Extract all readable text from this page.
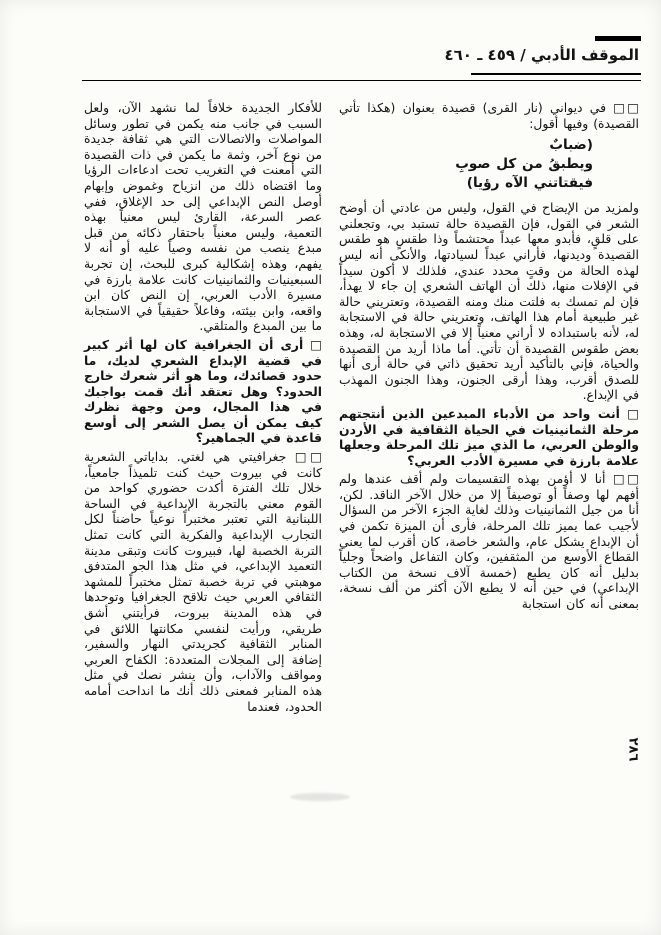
الموقف الأدبي / ٤٥٩ ـ ٤٦٠

□□ في ديواني (نار القرى) قصيدة بعنوان (هكذا تأتي القصيدة) وفيها أقول:

(ضبابٌ

ويطبقُ من كل صوبِ

فيقتاتني الآه رؤيا)

ولمزيد من الإيضاح في القول، وليس من عادتي أن أوضح الشعر في القول، فإن القصيدة حالة تستبد بي، وتجعلني على قلقٍ، فأبدو معها عبداً محتشماً وذا طقسٍ هو طقس القصيدة وديدنها، فأراني عبداً لسيادتها، والأنكى أنه ليس لهذه الحالة من وقتٍ محدد عندي، فلذلك لا أكون سيداً في الإفلات منها، ذلك أن الهاتف الشعري إن جاء لا يهدأ، فإن لم تمسك به فلتت منك ومنه القصيدة، وتعتريني حالة غير طبيعية أمام هذا الهاتف، وتعتريني حالة في الاستجابة له، لأنه باستبداده لا أراني معنياً إلا في الاستجابة له، وهذه بعض طقوس القصيدة أن تأتي. أما ماذا أريد من القصيدة والحياة، فإني بالتأكيد أريد تحقيق ذاتي في حالة أرى أنها للصدق أقرب، وهذا أرقى الجنون، وهذا الجنون المهذب في الإبداع.

□ أنت واحد من الأدباء المبدعين الذين أنتجتهم مرحلة الثمانينيات في الحياة الثقافية في الأردن والوطن العربي، ما الذي ميز تلك المرحلة وجعلها علامة بارزة في مسيرة الأدب العربي؟

□□ أنا لا أؤمن بهذه التقسيمات ولم أقف عندها ولم أفهم لها وصفاً أو توصيفاً إلا من خلال الآخر الناقد. لكن، أنا من جيل الثمانينيات وذلك لغاية الجزء الآخر من السؤال لأجيب عما يميز تلك المرحلة، فأرى أن الميزة تكمن في أن الإبداع يشكل عام، والشعر خاصة، كان أقرب لما يعني القطاع الأوسع من المثقفين، وكان التفاعل واضحاً وجلياً بدليل أنه كان يطبع (خمسة آلاف نسخة من الكتاب الإبداعي) في حين أنه لا يطبع الآن أكثر من ألف نسخة، بمعنى أنه كان استجابة

للأفكار الجديدة خلافاً لما نشهد الآن، ولعل السبب في جانب منه يكمن في تطور وسائل المواصلات والاتصالات التي هي ثقافة جديدة من نوع آخر، وثمة ما يكمن في ذات القصيدة التي أمعنت في التغريب تحت ادعاءات الرؤيا وما اقتضاه ذلك من انزياح وغموض وإبهام أوصل النص الإبداعي إلى حد الإغلاق، ففي عصر السرعة، القارئ ليس معنياً بهذه التعمية، وليس معنياً باحتقار ذكائه من قبل مبدع ينصب من نفسه وصياً عليه أو أنه لا يفهم، وهذه إشكالية كبرى للبحث، إن تجربة السبعينيات والثمانينيات كانت علامة بارزة في مسيرة الأدب العربي، إن النص كان ابن واقعه، وابن بيئته، وفاعلاً حقيقياً في الاستجابة ما بين المبدع والمتلقي.

□ أرى أن الجغرافية كان لها أثر كبير في قضية الإبداع الشعري لديك، ما حدود قصائدك، وما هو أثر شعرك خارج الحدود؟ وهل تعتقد أنك قمت بواجبك في هذا المجال، ومن وجهة نظرك كيف يمكن أن يصل الشعر إلى أوسع قاعدة في الجماهير؟

□□ جغرافيتي هي لغتي. بداياتي الشعرية كانت في بيروت حيث كنت تلميذاً جامعياً، خلال تلك الفترة أكدت حضوري كواحد من القوم معني بالتجربة الإبداعية في الساحة اللبنانية التي تعتبر مختبراً نوعياً حاضناً لكل التجارب الإبداعية والفكرية التي كانت تمثل التربة الخصبة لها، فبيروت كانت وتبقى مدينة التعميد الإبداعي، في مثل هذا الجو المتدفق موهبتي في تربة خصبة تمثل مختبراً للمشهد الثقافي العربي حيث تلاقح الجغرافيا وتوحدها في هذه المدينة بيروت، فرأيتني أشق طريقي، ورأيت لنفسي مكانتها اللائق في المنابر الثقافية كجريدتي النهار والسفير، إضافة إلى المجلات المتعددة: الكفاح العربي ومواقف والآداب، وأن ينشر نصك في مثل هذه المنابر فمعنى ذلك أنك ما انداحت أمامه الحدود، فعندما

٢٨٦
